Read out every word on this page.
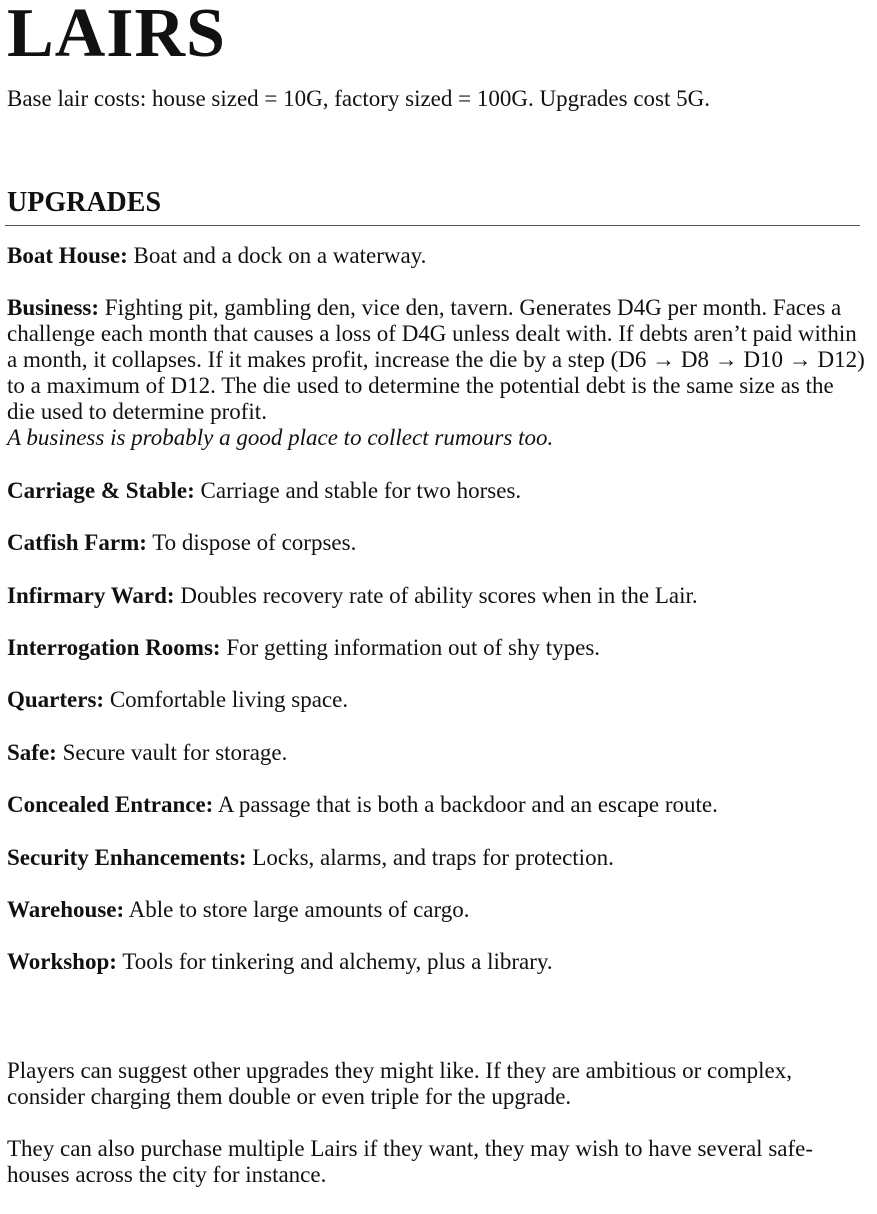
LAIRS

Base lair costs: house sized = 10G, factory sized = 100G. Upgrades cost 5G.

UPGRADES

Boat House: Boat and a dock on a waterway.

Business: Fighting pit, gambling den, vice den, tavern. Generates D4G per month. Faces a challenge each month that causes a loss of D4G unless dealt with. If debts aren’t paid within a month, it collapses. If it makes profit, increase the die by a step (D6 → D8 → D10 → D12) to a maximum of D12. The die used to determine the potential debt is the same size as the die used to determine profit.
A business is probably a good place to collect rumours too.

Carriage & Stable: Carriage and stable for two horses.

Catfish Farm: To dispose of corpses.

Infirmary Ward: Doubles recovery rate of ability scores when in the Lair.

Interrogation Rooms: For getting information out of shy types.

Quarters: Comfortable living space.

Safe: Secure vault for storage.

Concealed Entrance: A passage that is both a backdoor and an escape route.

Security Enhancements: Locks, alarms, and traps for protection.

Warehouse: Able to store large amounts of cargo.

Workshop: Tools for tinkering and alchemy, plus a library.

Players can suggest other upgrades they might like. If they are ambitious or complex, consider charging them double or even triple for the upgrade.

They can also purchase multiple Lairs if they want, they may wish to have several safe-houses across the city for instance.
